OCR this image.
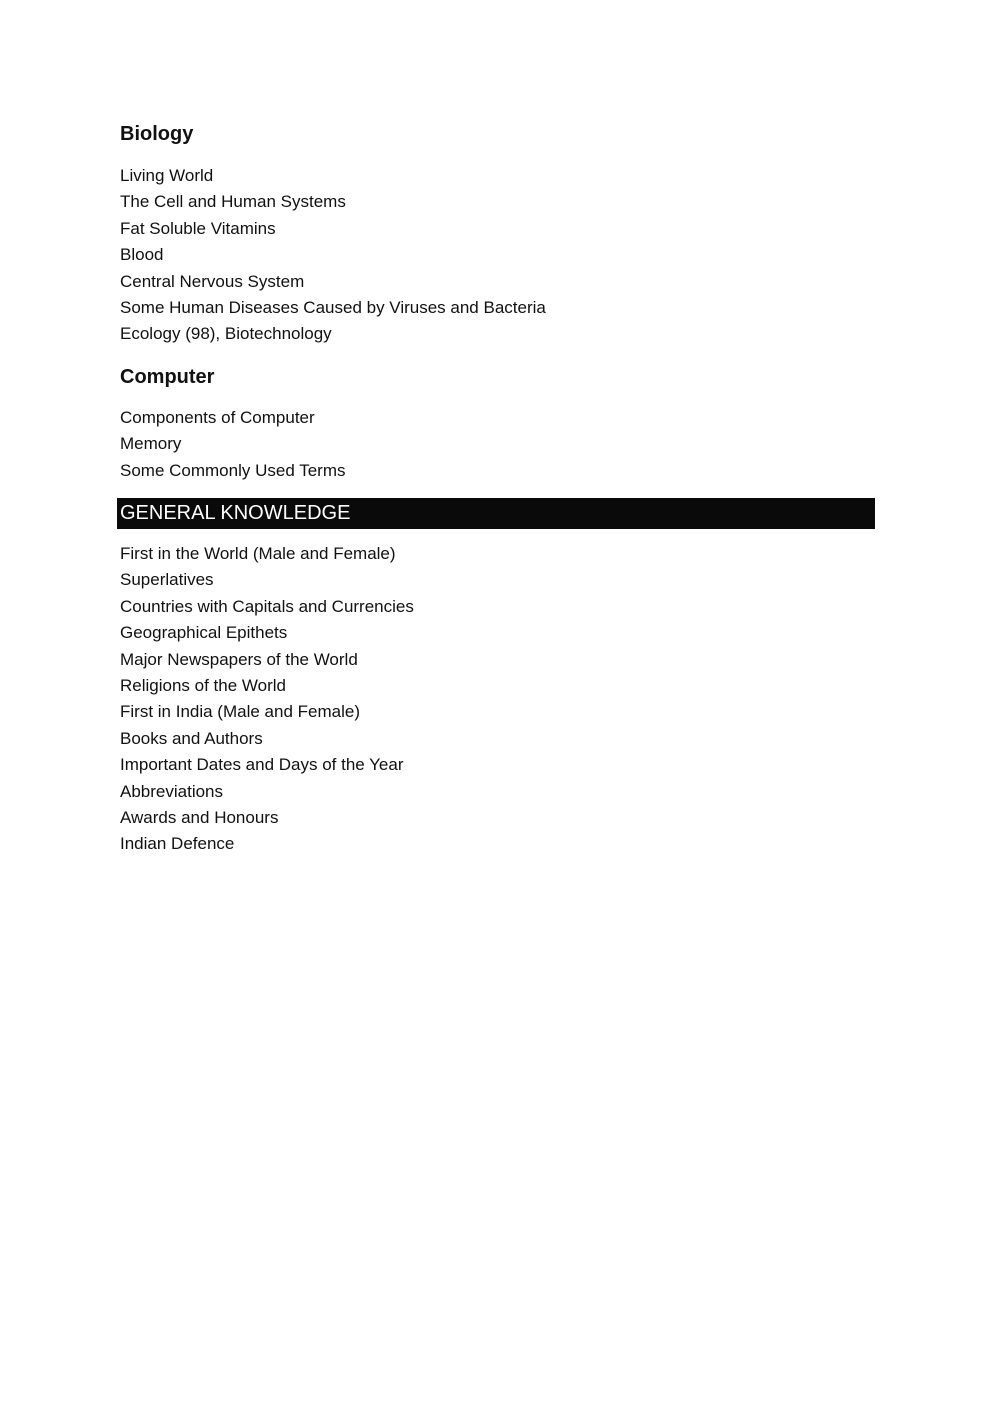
Biology
Living World
The Cell and Human Systems
Fat Soluble Vitamins
Blood
Central Nervous System
Some Human Diseases Caused by Viruses and Bacteria
Ecology (98), Biotechnology
Computer
Components of Computer
Memory
Some Commonly Used Terms
GENERAL KNOWLEDGE
First in the World (Male and Female)
Superlatives
Countries with Capitals and Currencies
Geographical Epithets
Major Newspapers of the World
Religions of the World
First in India (Male and Female)
Books and Authors
Important Dates and Days of the Year
Abbreviations
Awards and Honours
Indian Defence
